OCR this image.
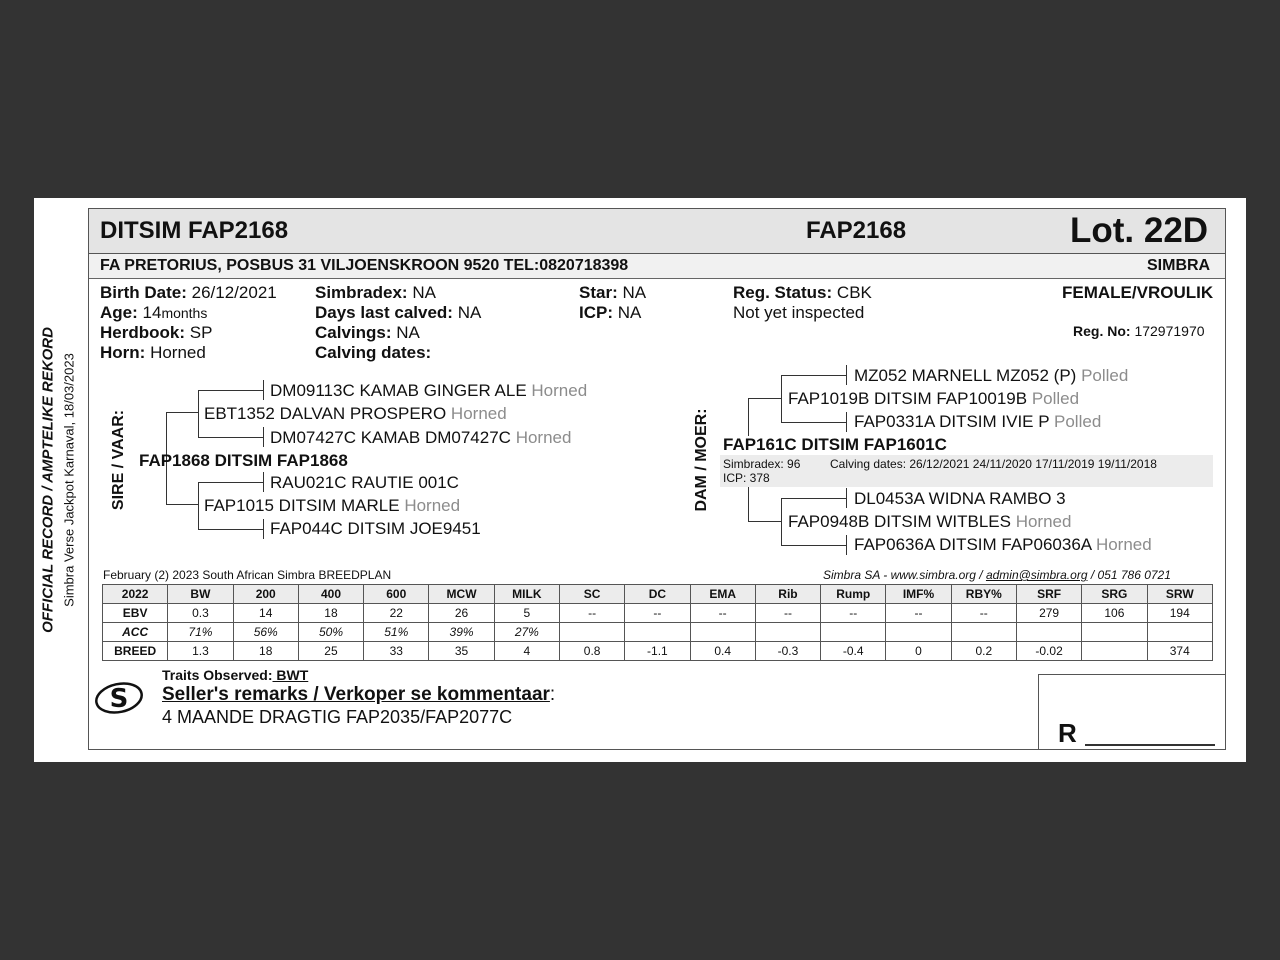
OFFICIAL RECORD / AMPTELIKE REKORD Simbra Verse Jackpot Karnaval, 18/03/2023
DITSIM FAP2168	FAP2168	Lot. 22D
FA PRETORIUS, POSBUS 31 VILJOENSKROON 9520 TEL:0820718398	SIMBRA
Birth Date: 26/12/2021
Age: 14months
Herdbook: SP
Horn: Horned
Simbradex: NA
Days last calved: NA
Calvings: NA
Calving dates:
Star: NA
ICP: NA
Reg. Status: CBK
Not yet inspected
FEMALE/VROULIK
Reg. No: 172971970
SIRE / VAAR:
DM09113C KAMAB GINGER ALE Horned
EBT1352 DALVAN PROSPERO Horned
DM07427C KAMAB DM07427C Horned
FAP1868 DITSIM FAP1868
RAU021C RAUTIE 001C
FAP1015 DITSIM MARLE Horned
FAP044C DITSIM JOE9451
DAM / MOER:
MZ052 MARNELL MZ052 (P) Polled
FAP1019B DITSIM FAP10019B Polled
FAP0331A DITSIM IVIE P Polled
FAP161C DITSIM FAP1601C
Simbradex: 96 Calving dates: 26/12/2021 24/11/2020 17/11/2019 19/11/2018
ICP: 378
DL0453A WIDNA RAMBO 3
FAP0948B DITSIM WITBLES Horned
FAP0636A DITSIM FAP06036A Horned
February (2) 2023 South African Simbra BREEDPLAN	Simbra SA - www.simbra.org / admin@simbra.org / 051 786 0721
2022	BW	200	400	600	MCW	MILK	SC	DC	EMA	Rib	Rump	IMF%	RBY%	SRF	SRG	SRW
EBV	0.3	14	18	22	26	5	--	--	--	--	--	--	--	279	106	194
ACC	71%	56%	50%	51%	39%	27%										
BREED	1.3	18	25	33	35	4	0.8	-1.1	0.4	-0.3	-0.4	0	0.2	-0.02		374
S
Traits Observed: BWT
Seller's remarks / Verkoper se kommentaar:
4 MAANDE DRAGTIG FAP2035/FAP2077C
R
